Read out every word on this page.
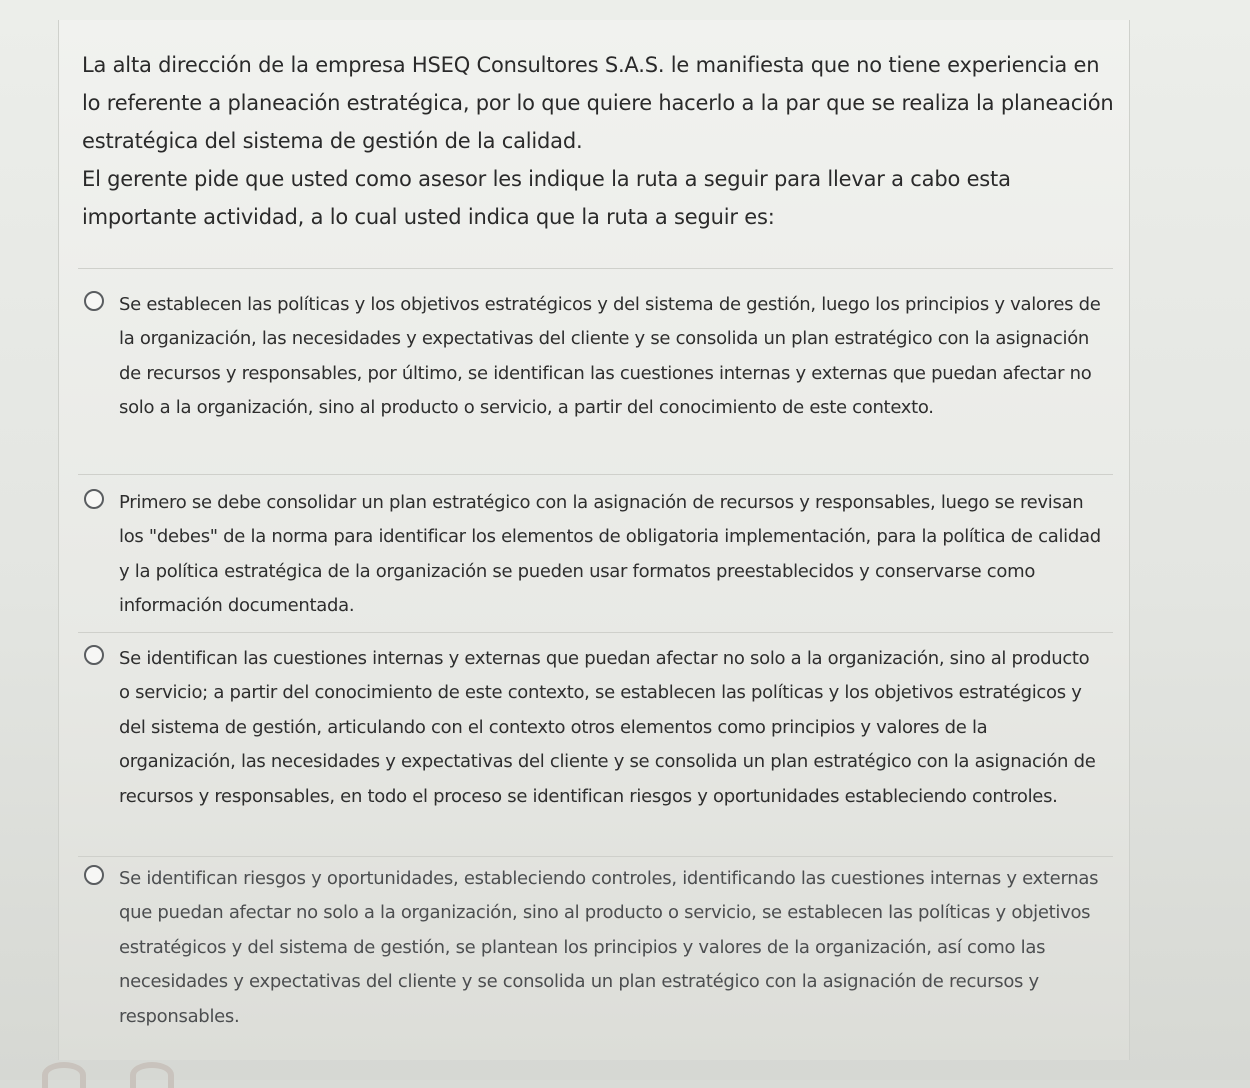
La alta dirección de la empresa HSEQ Consultores S.A.S. le manifiesta que no tiene experiencia en lo referente a planeación estratégica, por lo que quiere hacerlo a la par que se realiza la planeación estratégica del sistema de gestión de la calidad.

El gerente pide que usted como asesor les indique la ruta a seguir para llevar a cabo esta importante actividad, a lo cual usted indica que la ruta a seguir es:

Se establecen las políticas y los objetivos estratégicos y del sistema de gestión, luego los principios y valores de la organización, las necesidades y expectativas del cliente y se consolida un plan estratégico con la asignación de recursos y responsables, por último, se identifican las cuestiones internas y externas que puedan afectar no solo a la organización, sino al producto o servicio, a partir del conocimiento de este contexto.
Primero se debe consolidar un plan estratégico con la asignación de recursos y responsables, luego se revisan los "debes" de la norma para identificar los elementos de obligatoria implementación, para la política de calidad y la política estratégica de la organización se pueden usar formatos preestablecidos y conservarse como información documentada.
Se identifican las cuestiones internas y externas que puedan afectar no solo a la organización, sino al producto o servicio; a partir del conocimiento de este contexto, se establecen las políticas y los objetivos estratégicos y del sistema de gestión, articulando con el contexto otros elementos como principios y valores de la organización, las necesidades y expectativas del cliente y se consolida un plan estratégico con la asignación de recursos y responsables, en todo el proceso se identifican riesgos y oportunidades estableciendo controles.
Se identifican riesgos y oportunidades, estableciendo controles, identificando las cuestiones internas y externas que puedan afectar no solo a la organización, sino al producto o servicio, se establecen las políticas y objetivos estratégicos y del sistema de gestión, se plantean los principios y valores de la organización, así como las necesidades y expectativas del cliente y se consolida un plan estratégico con la asignación de recursos y responsables.
